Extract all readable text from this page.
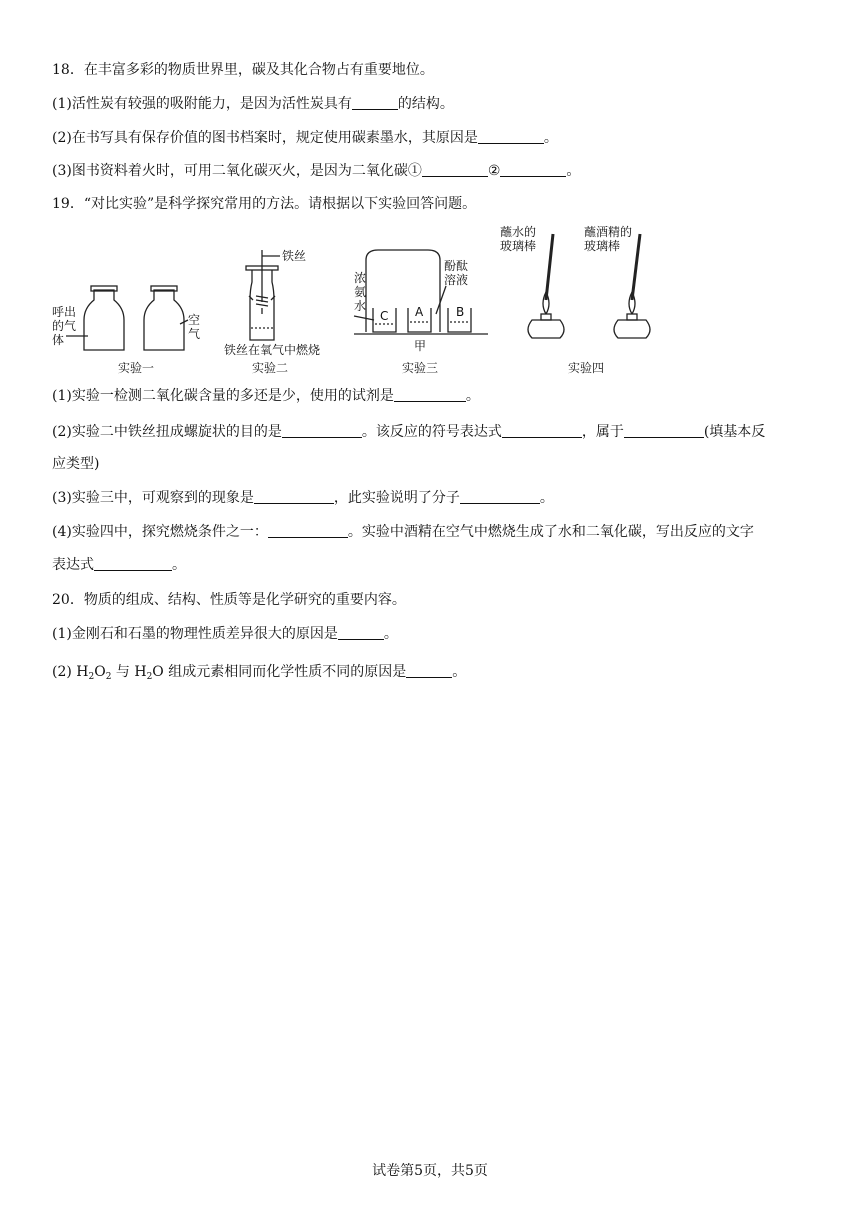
18．在丰富多彩的物质世界里，碳及其化合物占有重要地位。
(1)活性炭有较强的吸附能力，是因为活性炭具有	的结构。
(2)在书写具有保存价值的图书档案时，规定使用碳素墨水，其原因是	。
(3)图书资料着火时，可用二氧化碳灭火，是因为二氧化碳①	②	。
19．“对比实验”是科学探究常用的方法。请根据以下实验回答问题。
呼出
的气
体
空
气
实验一
铁丝
铁丝在氧气中燃烧
实验二
浓
氨
水
酚酞
溶液
C A	B
甲
实验三
蘸水的
玻璃棒
蘸酒精的
玻璃棒
实验四
(1)实验一检测二氧化碳含量的多还是少，使用的试剂是	。
(2)实验二中铁丝扭成螺旋状的目的是	。该反应的符号表达式	，属于	(填基本反
应类型)
(3)实验三中，可观察到的现象是	，此实验说明了分子	。
(4)实验四中，探究燃烧条件之一：	。实验中酒精在空气中燃烧生成了水和二氧化碳，写出反应的文字
表达式	。
20．物质的组成、结构、性质等是化学研究的重要内容。
(1)金刚石和石墨的物理性质差异很大的原因是	。
(2) $H_2O_2$ 与 $H_2O$ 组成元素相同而化学性质不同的原因是	。
试卷第5页，共5页
